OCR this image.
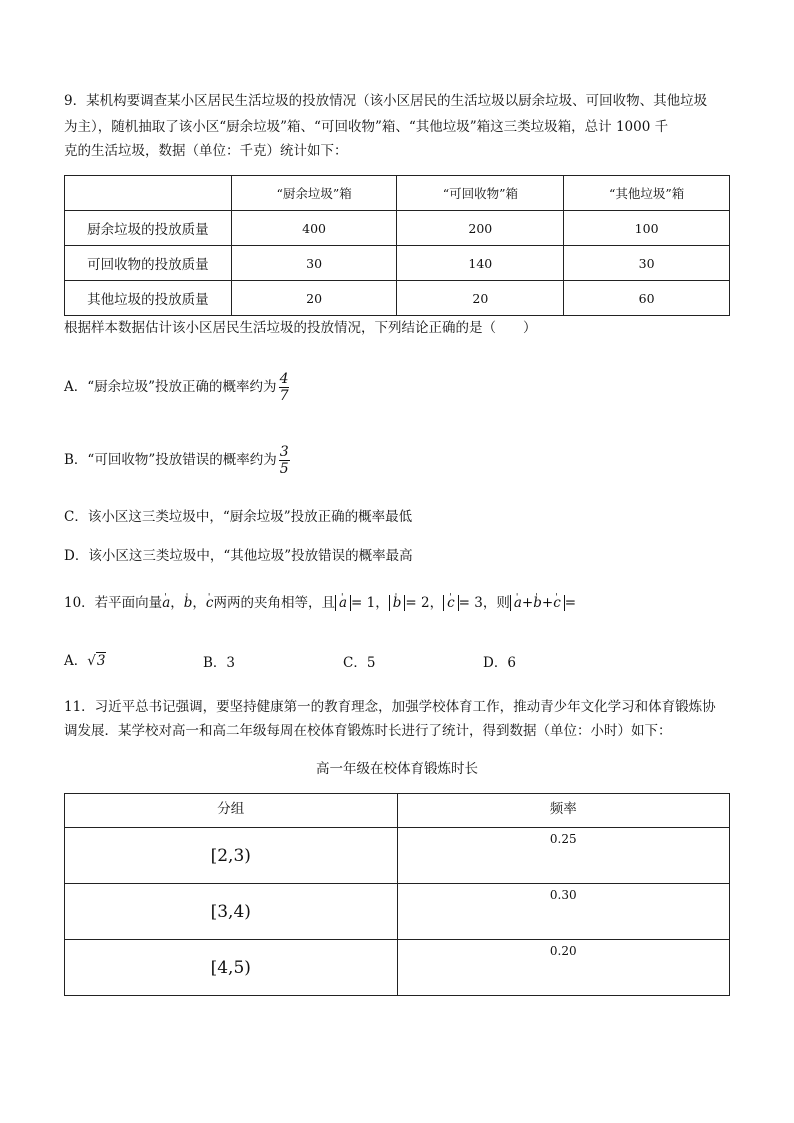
9．某机构要调查某小区居民生活垃圾的投放情况（该小区居民的生活垃圾以厨余垃圾、可回收物、其他垃圾
为主），随机抽取了该小区“厨余垃圾”箱、“可回收物”箱、“其他垃圾”箱这三类垃圾箱，总计 1000 千
克的生活垃圾，数据（单位：千克）统计如下：
	“厨余垃圾”箱	“可回收物”箱	“其他垃圾”箱
厨余垃圾的投放质量	400	200	100
可回收物的投放质量	30	140	30
其他垃圾的投放质量	20	20	60
根据样本数据估计该小区居民生活垃圾的投放情况，下列结论正确的是（　　）
A．“厨余垃圾”投放正确的概率约为 $\frac{4}{7}$
B．“可回收物”投放错误的概率约为 $\frac{3}{5}$
C．该小区这三类垃圾中，“厨余垃圾”投放正确的概率最低
D．该小区这三类垃圾中，“其他垃圾”投放错误的概率最高
10．若平面向量' a，' b，' c两两的夹角相等，且 ' a = 1， ' b = 2， ' c = 3，则 ' a+' b+' c =
A．√3	B．3	C．5	D．6
11．习近平总书记强调，要坚持健康第一的教育理念，加强学校体育工作，推动青少年文化学习和体育锻炼协
调发展．某学校对高一和高二年级每周在校体育锻炼时长进行了统计，得到数据（单位：小时）如下：
高一年级在校体育锻炼时长
分组	频率
[2,3)	0.25
[3,4)	0.30
[4,5)	0.20
